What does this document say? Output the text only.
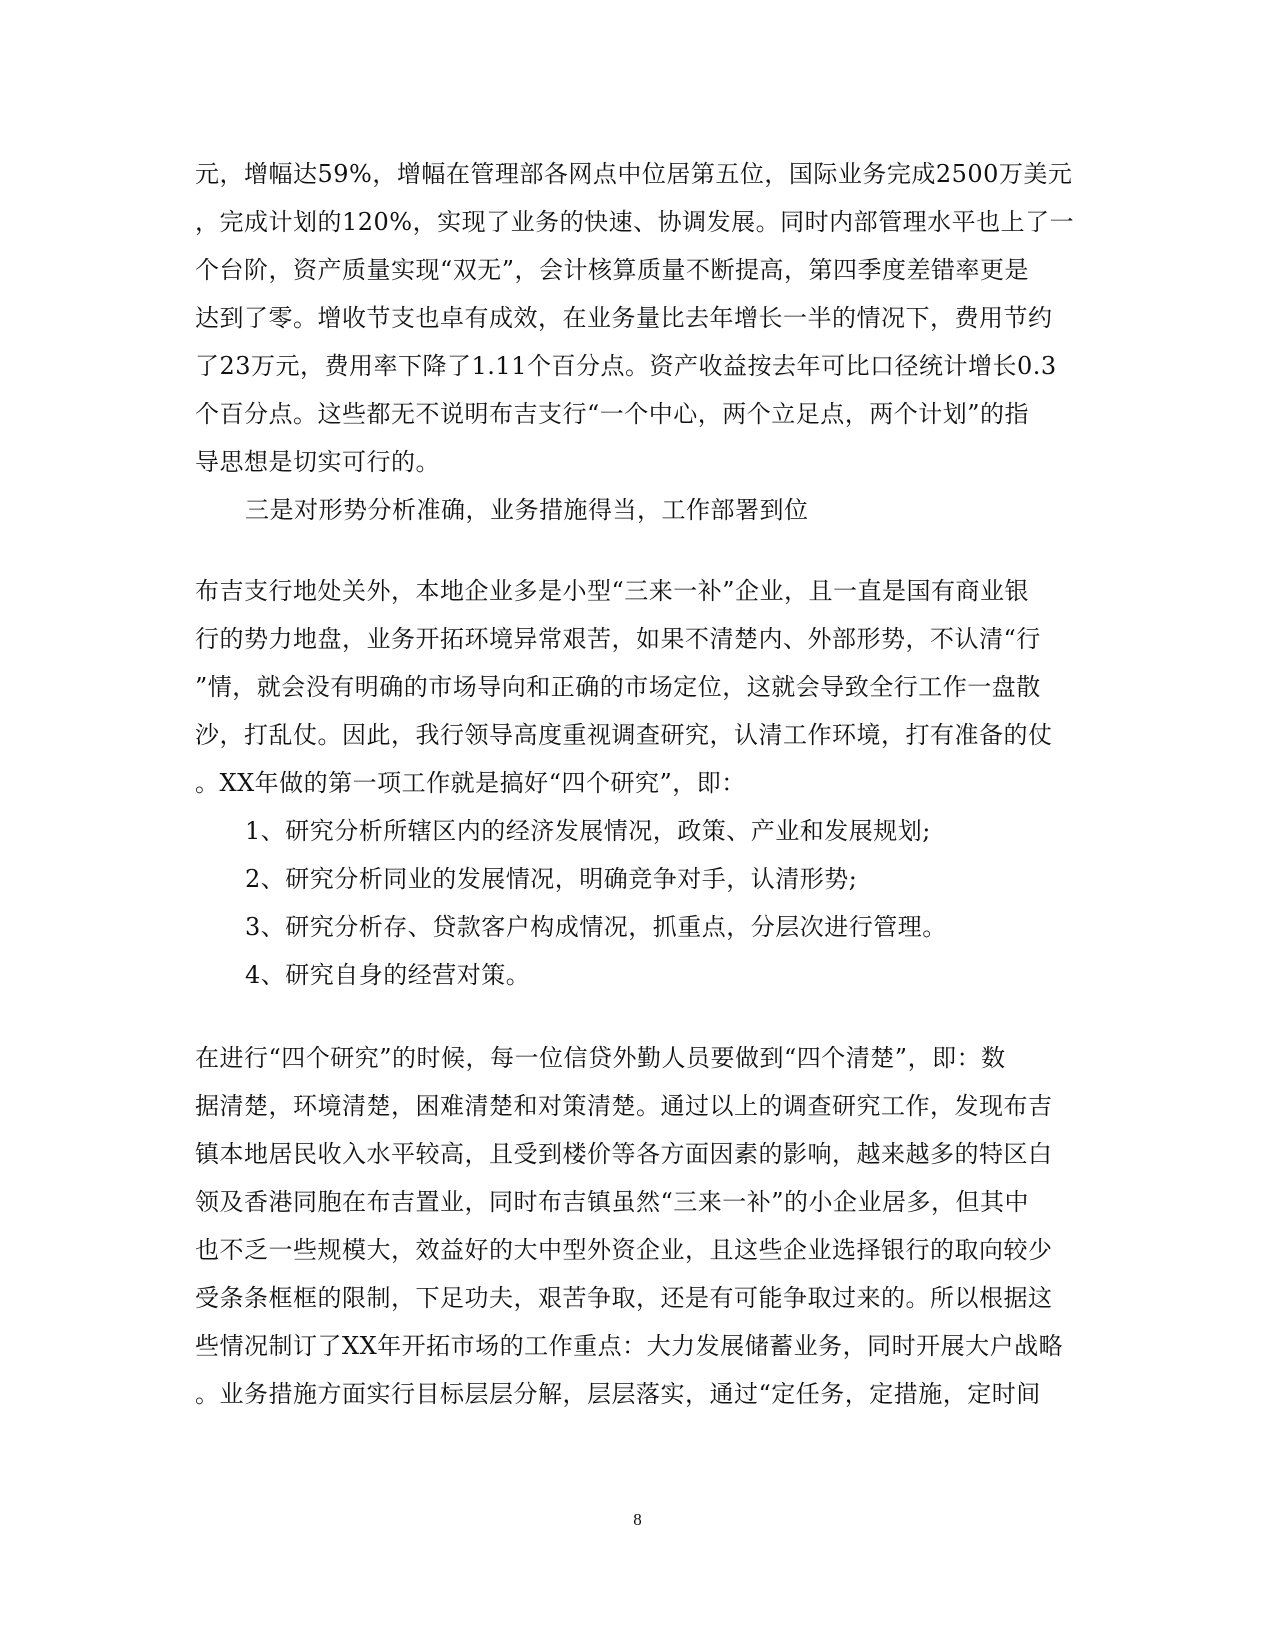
元，增幅达59%，增幅在管理部各网点中位居第五位，国际业务完成2500万美元
，完成计划的120%，实现了业务的快速、协调发展。同时内部管理水平也上了一
个台阶，资产质量实现“双无”，会计核算质量不断提高，第四季度差错率更是
达到了零。增收节支也卓有成效，在业务量比去年增长一半的情况下，费用节约
了23万元，费用率下降了1.11个百分点。资产收益按去年可比口径统计增长0.3
个百分点。这些都无不说明布吉支行“一个中心，两个立足点，两个计划”的指
导思想是切实可行的。
三是对形势分析准确，业务措施得当，工作部署到位
布吉支行地处关外，本地企业多是小型“三来一补”企业，且一直是国有商业银
行的势力地盘，业务开拓环境异常艰苦，如果不清楚内、外部形势，不认清“行
”情，就会没有明确的市场导向和正确的市场定位，这就会导致全行工作一盘散
沙，打乱仗。因此，我行领导高度重视调查研究，认清工作环境，打有准备的仗
。XX年做的第一项工作就是搞好“四个研究”，即：
1、研究分析所辖区内的经济发展情况，政策、产业和发展规划;
2、研究分析同业的发展情况，明确竞争对手，认清形势;
3、研究分析存、贷款客户构成情况，抓重点，分层次进行管理。
4、研究自身的经营对策。
在进行“四个研究”的时候，每一位信贷外勤人员要做到“四个清楚”，即：数
据清楚，环境清楚，困难清楚和对策清楚。通过以上的调查研究工作，发现布吉
镇本地居民收入水平较高，且受到楼价等各方面因素的影响，越来越多的特区白
领及香港同胞在布吉置业，同时布吉镇虽然“三来一补”的小企业居多，但其中
也不乏一些规模大，效益好的大中型外资企业，且这些企业选择银行的取向较少
受条条框框的限制，下足功夫，艰苦争取，还是有可能争取过来的。所以根据这
些情况制订了XX年开拓市场的工作重点：大力发展储蓄业务，同时开展大户战略
。业务措施方面实行目标层层分解，层层落实，通过“定任务，定措施，定时间
8
